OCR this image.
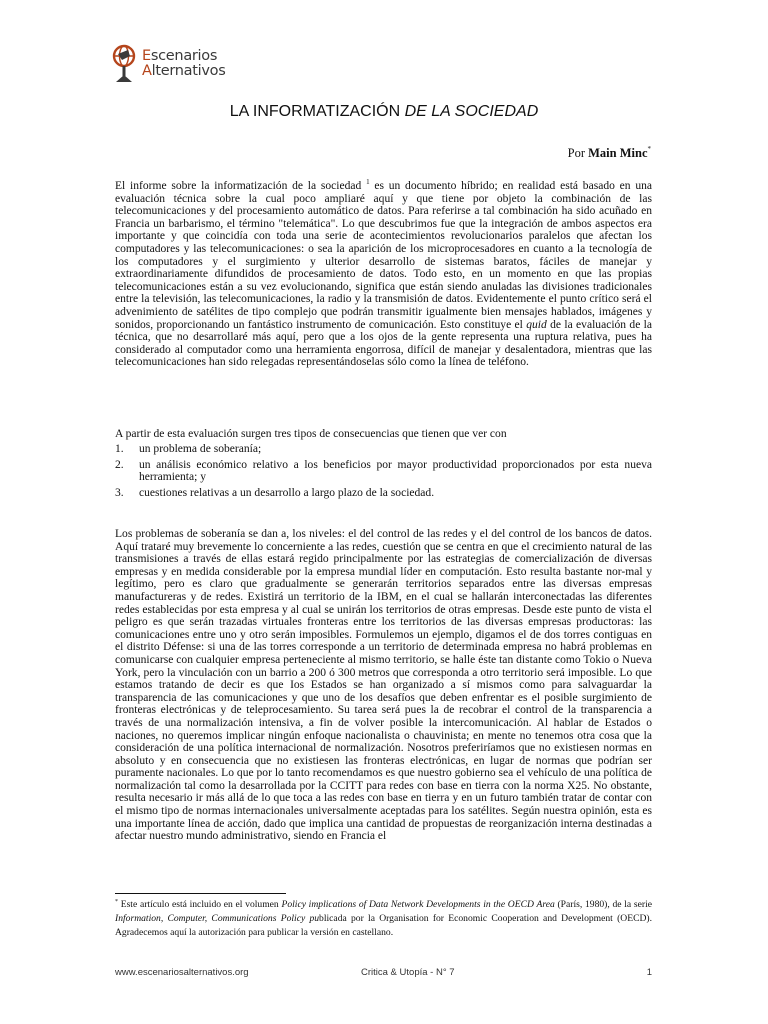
Escenarios
Alternativos
LA INFORMATIZACIÓN DE LA SOCIEDAD
Por Main Minc*

El informe sobre la informatización de la sociedad $^1$ es un documento híbrido; en realidad está basado en una evaluación técnica sobre la cual poco ampliaré aquí y que tiene por objeto la combinación de las telecomunicaciones y del procesamiento automático de datos. Para referirse a tal combinación ha sido acuñado en Francia un barbarismo, el término "telemática". Lo que descubrimos fue que la integración de ambos aspectos era importante y que coincidía con toda una serie de acontecimientos revolucionarios paralelos que afectan los computadores y las telecomunicaciones: o sea la aparición de los microprocesadores en cuanto a la tecnología de los computadores y el surgimiento y ulterior desarrollo de sistemas baratos, fáciles de manejar y extraordinariamente difundidos de procesamiento de datos. Todo esto, en un momento en que las propias telecomunicaciones están a su vez evolucionando, significa que están siendo anuladas las divisiones tradicionales entre la televisión, las telecomunicaciones, la radio y la transmisión de datos. Evidentemente el punto crítico será el advenimiento de satélites de tipo complejo que podrán transmitir igualmente bien mensajes hablados, imágenes y sonidos, proporcionando un fantástico instrumento de comunicación. Esto constituye el quid de la evaluación de la técnica, que no desarrollaré más aquí, pero que a los ojos de la gente representa una ruptura relativa, pues ha considerado al computador como una herramienta engorrosa, difícil de manejar y desalentadora, mientras que las telecomunicaciones han sido relegadas representándoselas sólo como la línea de teléfono.

A partir de esta evaluación surgen tres tipos de consecuencias que tienen que ver con

1.	un problema de soberanía;
2.	un análisis económico relativo a los beneficios por mayor productividad proporcionados por esta nueva herramienta; y
3.	cuestiones relativas a un desarrollo a largo plazo de la sociedad.

Los problemas de soberanía se dan a, los niveles: el del control de las redes y el del control de los bancos de datos. Aquí trataré muy brevemente lo concerniente a las redes, cuestión que se centra en que el crecimiento natural de las transmisiones a través de ellas estará regido principalmente por las estrategias de comercialización de diversas empresas y en medida considerable por la empresa mundial líder en computación. Esto resulta bastante nor-mal y legítimo, pero es claro que gradualmente se generarán territorios separados entre las diversas empresas manufactureras y de redes. Existirá un territorio de la IBM, en el cual se hallarán interconectadas las diferentes redes establecidas por esta empresa y al cual se unirán los territorios de otras empresas. Desde este punto de vista el peligro es que serán trazadas virtuales fronteras entre los territorios de las diversas empresas productoras: las comunicaciones entre uno y otro serán imposibles. Formulemos un ejemplo, digamos el de dos torres contiguas en el distrito Défense: si una de las torres corresponde a un territorio de determinada empresa no habrá problemas en comunicarse con cualquier empresa perteneciente al mismo territorio, se halle éste tan distante como Tokio o Nueva York, pero la vinculación con un barrio a 200 ó 300 metros que corresponda a otro territorio será imposible. Lo que estamos tratando de decir es que Ios Estados se han organizado a sí mismos como para salvaguardar la transparencia de las comunicaciones y que uno de los desafíos que deben enfrentar es el posible surgimiento de fronteras electrónicas y de teleprocesamiento. Su tarea será pues la de recobrar el control de la transparencia a través de una normalización intensiva, a fin de volver posible la intercomunicación. Al hablar de Estados o naciones, no queremos implicar ningún enfoque nacionalista o chauvinista; en mente no tenemos otra cosa que la consideración de una política internacional de normalización. Nosotros preferiríamos que no existiesen normas en absoluto y en consecuencia que no existiesen las fronteras electrónicas, en lugar de normas que podrían ser puramente nacionales. Lo que por lo tanto recomendamos es que nuestro gobierno sea el vehículo de una política de normalización tal como la desarrollada por la CCITT para redes con base en tierra con la norma X25. No obstante, resulta necesario ir más allá de lo que toca a las redes con base en tierra y en un futuro también tratar de contar con el mismo tipo de normas internacionales universalmente aceptadas para los satélites. Según nuestra opinión, esta es una importante línea de acción, dado que implica una cantidad de propuestas de reorganización interna destinadas a afectar nuestro mundo administrativo, siendo en Francia el

* Este artículo está incluido en el volumen Policy implications of Data Network Developments in the OECD Area (París, 1980), de la serie Information, Computer, Communications Policy publicada por la Organisation for Economic Cooperation and Development (OECD). Agradecemos aquí la autorización para publicar la versión en castellano.

www.escenariosalternativos.org	Critica & Utopía - N° 7	1
